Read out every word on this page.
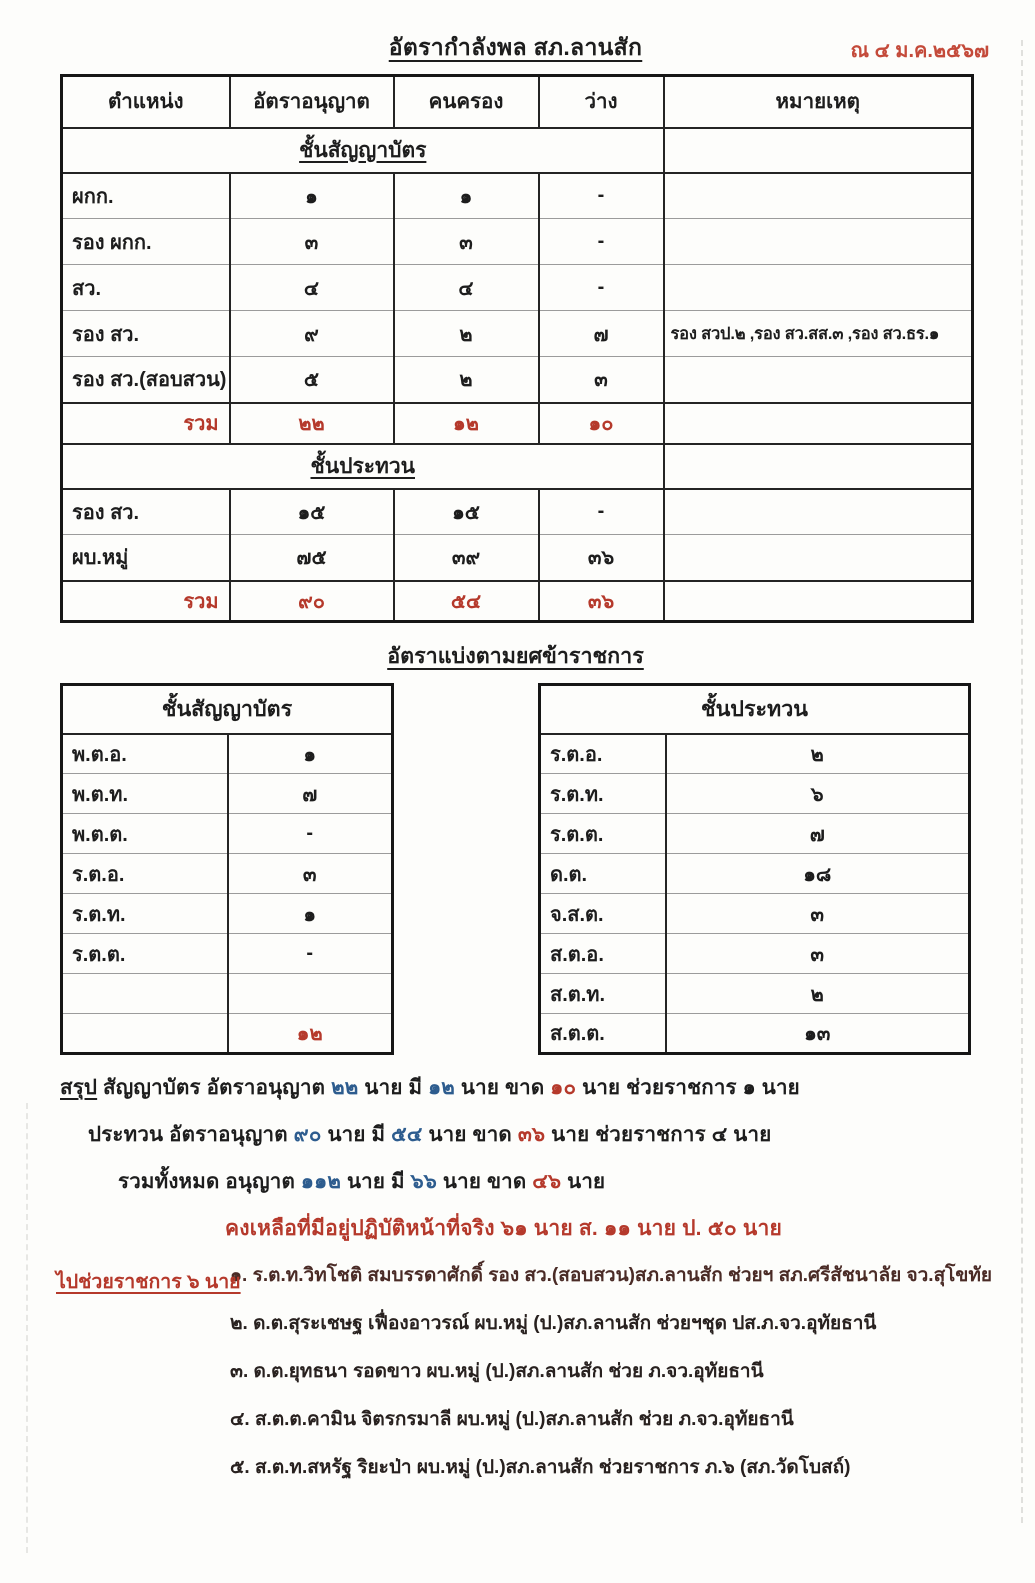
อัตรากำลังพล สภ.ลานสัก	ณ ๔ ม.ค.๒๕๖๗
ตำแหน่ง	อัตราอนุญาต	คนครอง	ว่าง	หมายเหตุ
ชั้นสัญญาบัตร				
ผกก.	๑	๑	-	
รอง ผกก.	๓	๓	-	
สว.	๔	๔	-	
รอง สว.	๙	๒	๗	รอง สวป.๒ ,รอง สว.สส.๓ ,รอง สว.ธร.๑
รอง สว.(สอบสวน)	๕	๒	๓	
รวม	๒๒	๑๒	๑๐	
ชั้นประทวน				
รอง สว.	๑๕	๑๕	-	
ผบ.หมู่	๗๕	๓๙	๓๖	
รวม	๙๐	๕๔	๓๖	
อัตราแบ่งตามยศข้าราชการ
ชั้นสัญญาบัตร	
พ.ต.อ.	๑
พ.ต.ท.	๗
พ.ต.ต.	-
ร.ต.อ.	๓
ร.ต.ท.	๑
ร.ต.ต.	-

	๑๒
ชั้นประทวน	
ร.ต.อ.	๒
ร.ต.ท.	๖
ร.ต.ต.	๗
ด.ต.	๑๘
จ.ส.ต.	๓
ส.ต.อ.	๓
ส.ต.ท.	๒
ส.ต.ต.	๑๓
สรุป สัญญาบัตร อัตราอนุญาต ๒๒ นาย มี ๑๒ นาย ขาด ๑๐ นาย ช่วยราชการ ๑ นาย
ประทวน อัตราอนุญาต ๙๐ นาย มี ๕๔ นาย ขาด ๓๖ นาย ช่วยราชการ ๔ นาย
รวมทั้งหมด อนุญาต ๑๑๒ นาย มี ๖๖ นาย ขาด ๔๖ นาย
คงเหลือที่มีอยู่ปฏิบัติหน้าที่จริง ๖๑ นาย ส. ๑๑ นาย ป. ๕๐ นาย
ไปช่วยราชการ ๖ นาย
๑. ร.ต.ท.วิทโชติ สมบรรดาศักดิ์ รอง สว.(สอบสวน)สภ.ลานสัก ช่วยฯ สภ.ศรีสัชนาลัย จว.สุโขทัย
๒. ด.ต.สุระเชษฐ เฟื่องอาวรณ์ ผบ.หมู่ (ป.)สภ.ลานสัก ช่วยฯชุด ปส.ภ.จว.อุทัยธานี
๓. ด.ต.ยุทธนา รอดขาว ผบ.หมู่ (ป.)สภ.ลานสัก ช่วย ภ.จว.อุทัยธานี
๔. ส.ต.ต.คามิน จิตรกรมาลี ผบ.หมู่ (ป.)สภ.ลานสัก ช่วย ภ.จว.อุทัยธานี
๕. ส.ต.ท.สหรัฐ ริยะป่า ผบ.หมู่ (ป.)สภ.ลานสัก ช่วยราชการ ภ.๖ (สภ.วัดโบสถ์)
